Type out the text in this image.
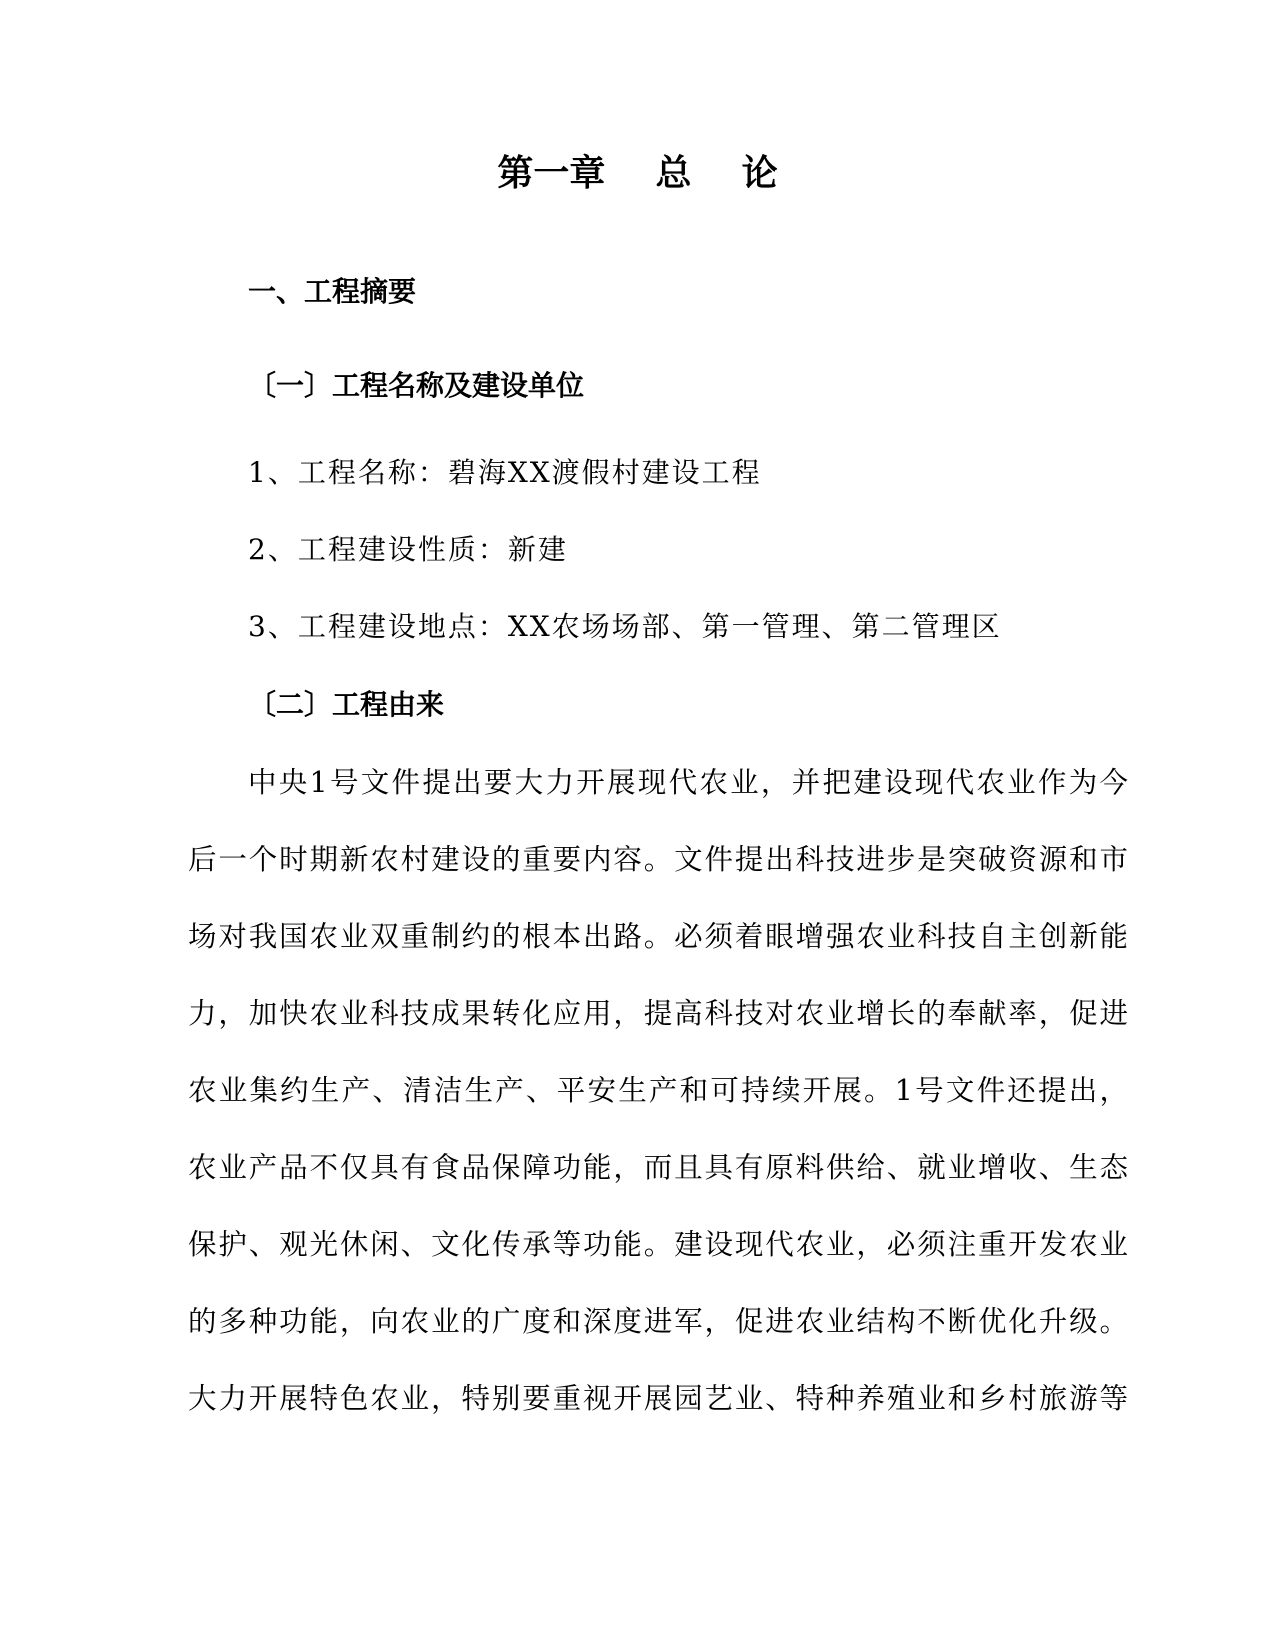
第一章    总    论
一、工程摘要
〔一〕工程名称及建设单位
1、工程名称：碧海XX渡假村建设工程
2、工程建设性质：新建
3、工程建设地点：XX农场场部、第一管理、第二管理区
〔二〕工程由来
中央1号文件提出要大力开展现代农业，并把建设现代农业作为今
后一个时期新农村建设的重要内容。文件提出科技进步是突破资源和市
场对我国农业双重制约的根本出路。必须着眼增强农业科技自主创新能
力，加快农业科技成果转化应用，提高科技对农业增长的奉献率，促进
农业集约生产、清洁生产、平安生产和可持续开展。1号文件还提出，
农业产品不仅具有食品保障功能，而且具有原料供给、就业增收、生态
保护、观光休闲、文化传承等功能。建设现代农业，必须注重开发农业
的多种功能，向农业的广度和深度进军，促进农业结构不断优化升级。
大力开展特色农业，特别要重视开展园艺业、特种养殖业和乡村旅游等
